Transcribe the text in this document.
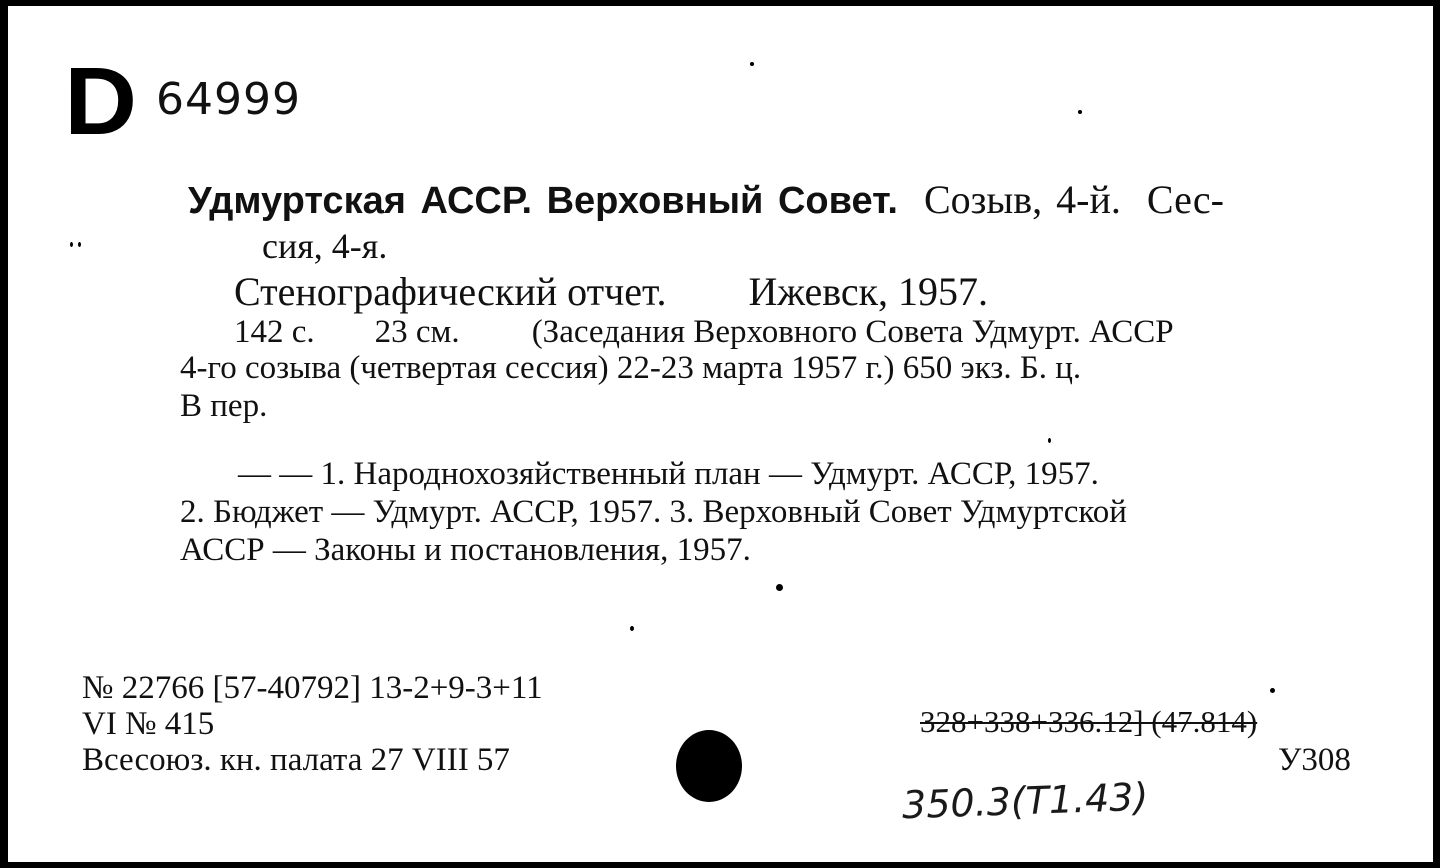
D 64999
Удмуртская АССР. Верховный Совет. Созыв, 4-й. Сес-
сия, 4-я.
Стенографический отчет. Ижевск, 1957.
142 с. 23 см. (Заседания Верховного Совета Удмурт. АССР
4-го созыва (четвертая сессия) 22-23 марта 1957 г.) 650 экз. Б. ц.
В пер.
— — 1. Народнохозяйственный план — Удмурт. АССР, 1957.
2. Бюджет — Удмурт. АССР, 1957. 3. Верховный Совет Удмуртской
АССР — Законы и постановления, 1957.
№ 22766 [57-40792] 13-2+9-3+11
VI № 415
Всесоюз. кн. палата 27 VIII 57
328+338+336.12] (47.814)
У308
350.3(Т1.43)
